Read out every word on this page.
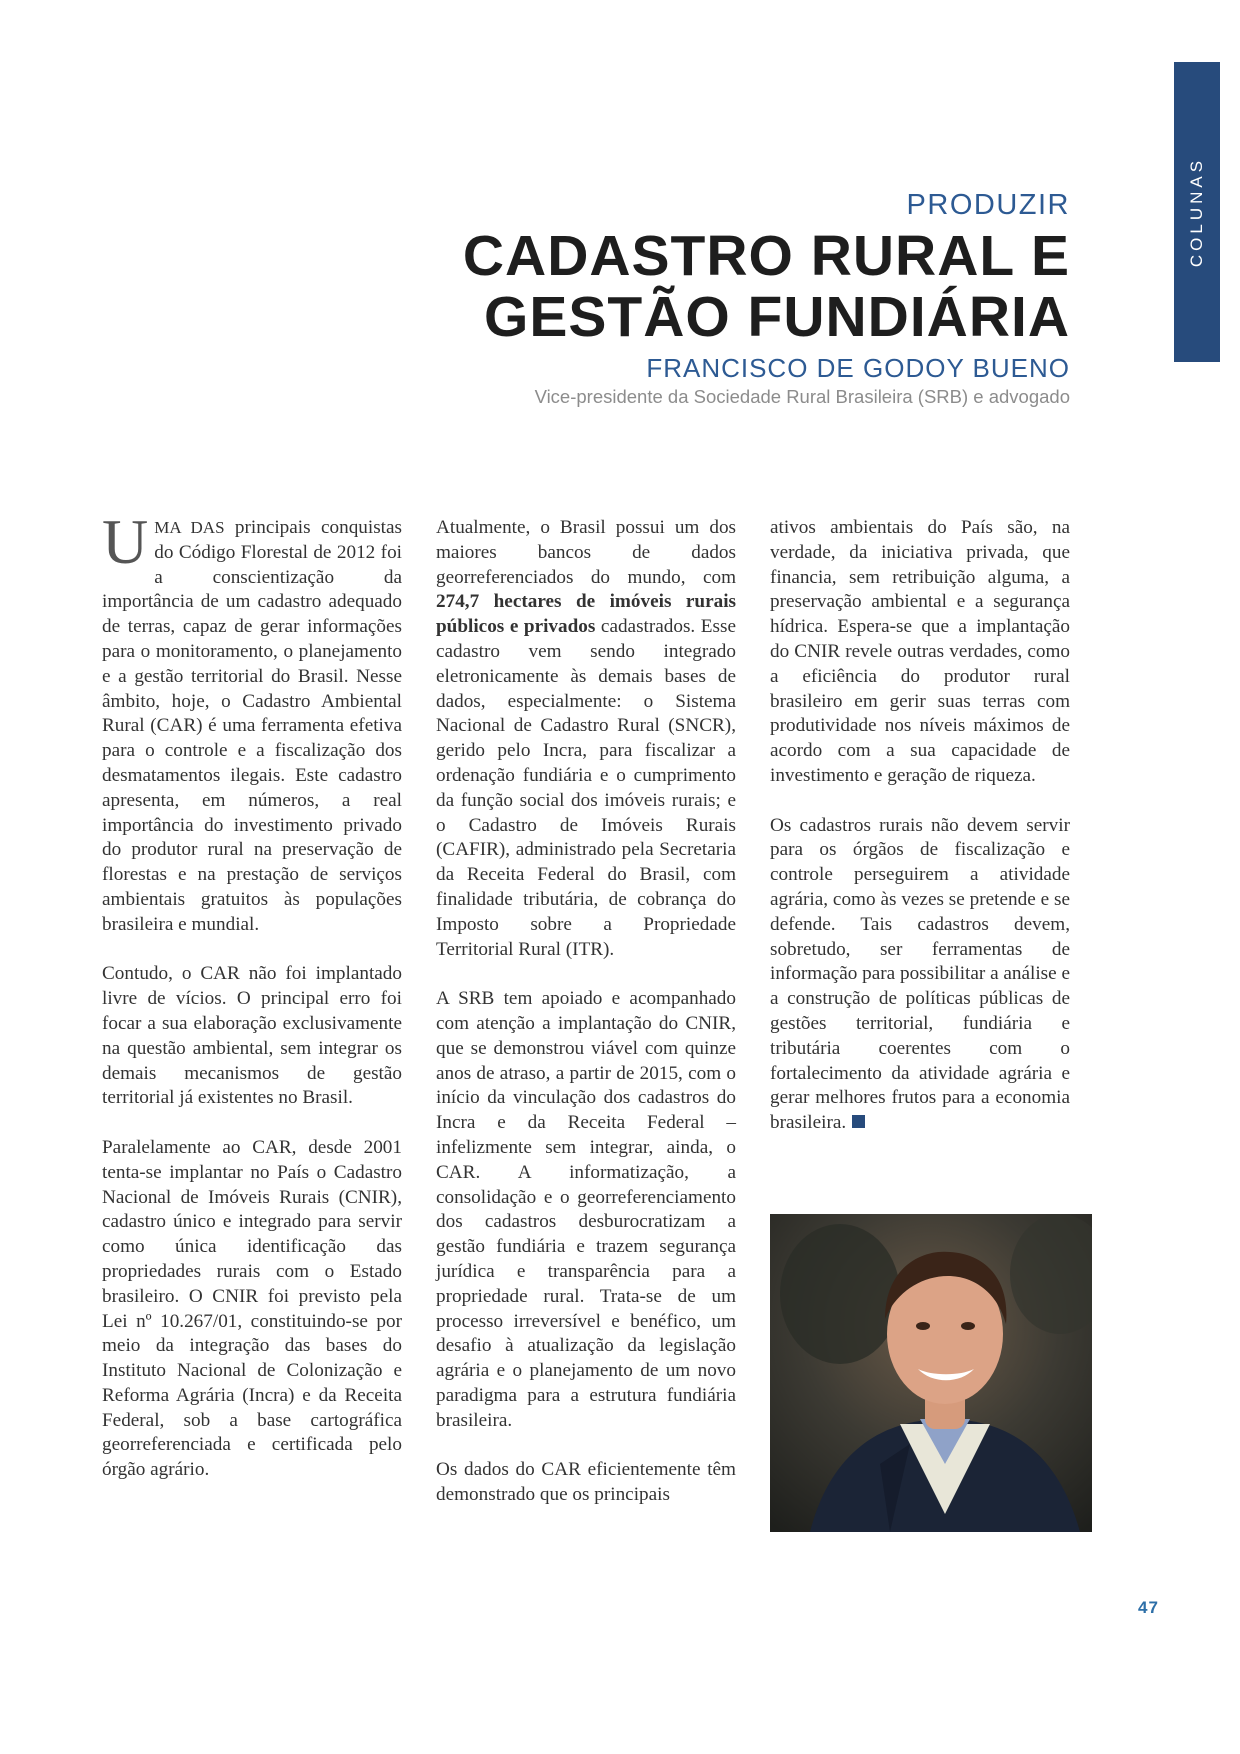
COLUNAS
PRODUZIR
CADASTRO RURAL E
GESTÃO FUNDIÁRIA
FRANCISCO DE GODOY BUENO
Vice-presidente da Sociedade Rural Brasileira (SRB) e advogado

UMA DAS principais conquistas do Código Florestal de 2012 foi a conscientização da importância de um cadastro adequado de terras, capaz de gerar informações para o monitoramento, o planejamento e a gestão territorial do Brasil. Nesse âmbito, hoje, o Cadastro Ambiental Rural (CAR) é uma ferramenta efetiva para o controle e a fiscalização dos desmatamentos ilegais. Este cadastro apresenta, em números, a real importância do investimento privado do produtor rural na preservação de florestas e na prestação de serviços ambientais gratuitos às populações brasileira e mundial.

Contudo, o CAR não foi implantado livre de vícios. O principal erro foi focar a sua elaboração exclusivamente na questão ambiental, sem integrar os demais mecanismos de gestão territorial já existentes no Brasil.

Paralelamente ao CAR, desde 2001 tenta-se implantar no País o Cadastro Nacional de Imóveis Rurais (CNIR), cadastro único e integrado para servir como única identificação das propriedades rurais com o Estado brasileiro. O CNIR foi previsto pela Lei nº 10.267/01, constituindo-se por meio da integração das bases do Instituto Nacional de Colonização e Reforma Agrária (Incra) e da Receita Federal, sob a base cartográfica georreferenciada e certificada pelo órgão agrário.

Atualmente, o Brasil possui um dos maiores bancos de dados georreferenciados do mundo, com 274,7 hectares de imóveis rurais públicos e privados cadastrados. Esse cadastro vem sendo integrado eletronicamente às demais bases de dados, especialmente: o Sistema Nacional de Cadastro Rural (SNCR), gerido pelo Incra, para fiscalizar a ordenação fundiária e o cumprimento da função social dos imóveis rurais; e o Cadastro de Imóveis Rurais (CAFIR), administrado pela Secretaria da Receita Federal do Brasil, com finalidade tributária, de cobrança do Imposto sobre a Propriedade Territorial Rural (ITR).

A SRB tem apoiado e acompanhado com atenção a implantação do CNIR, que se demonstrou viável com quinze anos de atraso, a partir de 2015, com o início da vinculação dos cadastros do Incra e da Receita Federal – infelizmente sem integrar, ainda, o CAR. A informatização, a consolidação e o georreferenciamento dos cadastros desburocratizam a gestão fundiária e trazem segurança jurídica e transparência para a propriedade rural. Trata-se de um processo irreversível e benéfico, um desafio à atualização da legislação agrária e o planejamento de um novo paradigma para a estrutura fundiária brasileira.

Os dados do CAR eficientemente têm demonstrado que os principais

ativos ambientais do País são, na verdade, da iniciativa privada, que financia, sem retribuição alguma, a preservação ambiental e a segurança hídrica. Espera-se que a implantação do CNIR revele outras verdades, como a eficiência do produtor rural brasileiro em gerir suas terras com produtividade nos níveis máximos de acordo com a sua capacidade de investimento e geração de riqueza.

Os cadastros rurais não devem servir para os órgãos de fiscalização e controle perseguirem a atividade agrária, como às vezes se pretende e se defende. Tais cadastros devem, sobretudo, ser ferramentas de informação para possibilitar a análise e a construção de políticas públicas de gestões territorial, fundiária e tributária coerentes com o fortalecimento da atividade agrária e gerar melhores frutos para a economia brasileira.

47
